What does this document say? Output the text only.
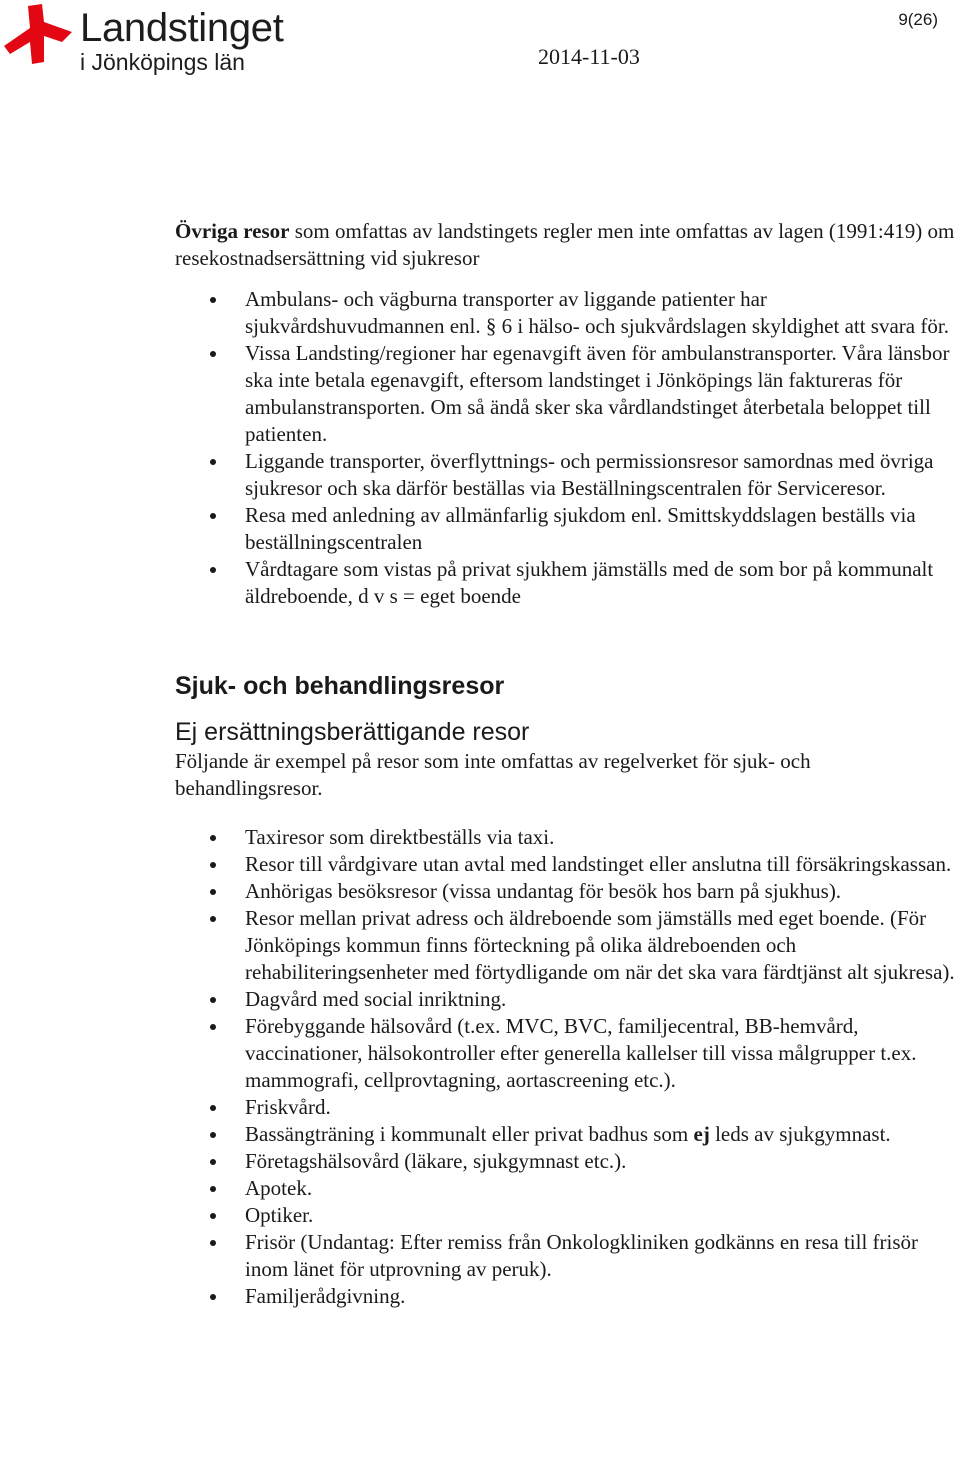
Landstinget
i Jönköpings län
9(26)
2014-11-03

Övriga resor som omfattas av landstingets regler men inte omfattas av lagen (1991:419) om resekostnadsersättning vid sjukresor

Ambulans- och vägburna transporter av liggande patienter har sjukvårdshuvudmannen enl. § 6 i hälso- och sjukvårdslagen skyldighet att svara för.
Vissa Landsting/regioner har egenavgift även för ambulanstransporter. Våra länsbor ska inte betala egenavgift, eftersom landstinget i Jönköpings län faktureras för ambulanstransporten. Om så ändå sker ska vårdlandstinget återbetala beloppet till patienten.
Liggande transporter, överflyttnings- och permissionsresor samordnas med övriga sjukresor och ska därför beställas via Beställningscentralen för Serviceresor.
Resa med anledning av allmänfarlig sjukdom enl. Smittskyddslagen beställs via beställningscentralen
Vårdtagare som vistas på privat sjukhem jämställs med de som bor på kommunalt äldreboende, d v s = eget boende
Sjuk- och behandlingsresor
Ej ersättningsberättigande resor

Följande är exempel på resor som inte omfattas av regelverket för sjuk- och behandlingsresor.

Taxiresor som direktbeställs via taxi.
Resor till vårdgivare utan avtal med landstinget eller anslutna till försäkringskassan.
Anhörigas besöksresor (vissa undantag för besök hos barn på sjukhus).
Resor mellan privat adress och äldreboende som jämställs med eget boende. (För Jönköpings kommun finns förteckning på olika äldreboenden och rehabiliteringsenheter med förtydligande om när det ska vara färdtjänst alt sjukresa).
Dagvård med social inriktning.
Förebyggande hälsovård (t.ex. MVC, BVC, familjecentral, BB-hemvård, vaccinationer, hälsokontroller efter generella kallelser till vissa målgrupper t.ex. mammografi, cellprovtagning, aortascreening etc.).
Friskvård.
Bassängträning i kommunalt eller privat badhus som ej leds av sjukgymnast.
Företagshälsovård (läkare, sjukgymnast etc.).
Apotek.
Optiker.
Frisör (Undantag: Efter remiss från Onkologkliniken godkänns en resa till frisör inom länet för utprovning av peruk).
Familjerådgivning.
